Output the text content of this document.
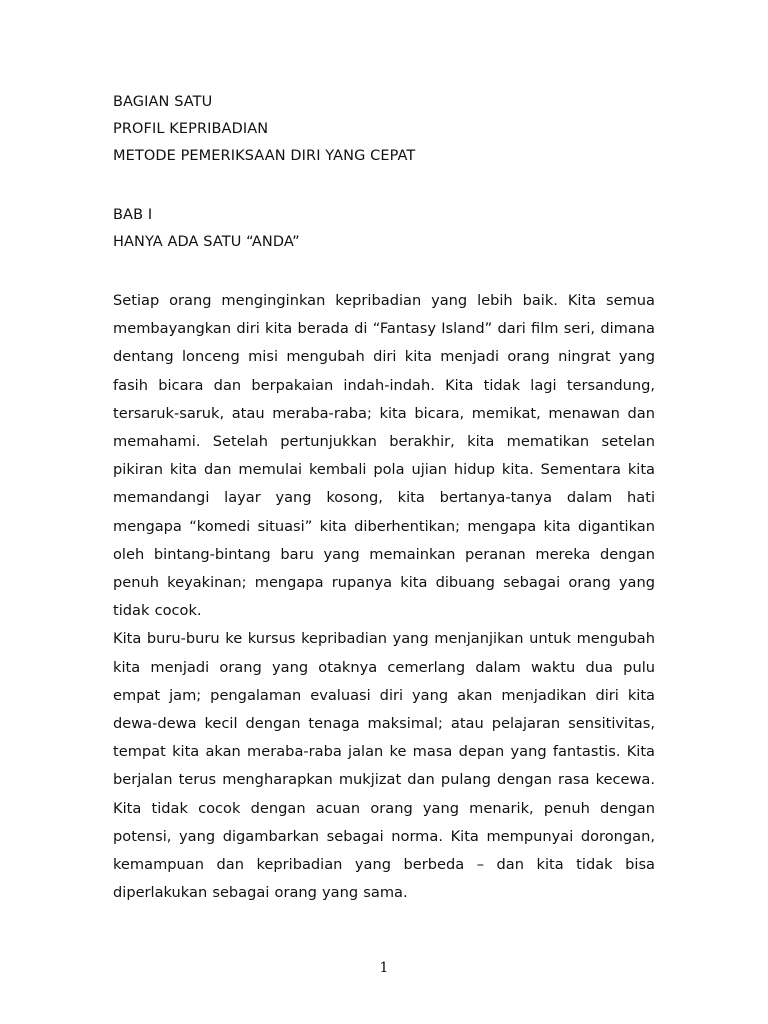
BAGIAN SATU
PROFIL KEPRIBADIAN
METODE PEMERIKSAAN DIRI YANG CEPAT
BAB I
HANYA ADA SATU “ANDA”

Setiap orang menginginkan kepribadian yang lebih baik. Kita semua membayangkan diri kita berada di “Fantasy Island” dari film seri, dimana dentang lonceng misi mengubah diri kita menjadi orang ningrat yang fasih bicara dan berpakaian indah-indah. Kita tidak lagi tersandung, tersaruk-saruk, atau meraba-raba; kita bicara, memikat, menawan dan memahami. Setelah pertunjukkan berakhir, kita mematikan setelan pikiran kita dan memulai kembali pola ujian hidup kita. Sementara kita memandangi layar yang kosong, kita bertanya-tanya dalam hati mengapa “komedi situasi” kita diberhentikan; mengapa kita digantikan oleh bintang-bintang baru yang memainkan peranan mereka dengan penuh keyakinan; mengapa rupanya kita dibuang sebagai orang yang tidak cocok.

Kita buru-buru ke kursus kepribadian yang menjanjikan untuk mengubah kita menjadi orang yang otaknya cemerlang dalam waktu dua pulu empat jam; pengalaman evaluasi diri yang akan menjadikan diri kita dewa-dewa kecil dengan tenaga maksimal; atau pelajaran sensitivitas, tempat kita akan meraba-raba jalan ke masa depan yang fantastis. Kita berjalan terus mengharapkan mukjizat dan pulang dengan rasa kecewa. Kita tidak cocok dengan acuan orang yang menarik, penuh dengan potensi, yang digambarkan sebagai norma. Kita mempunyai dorongan, kemampuan dan kepribadian yang berbeda – dan kita tidak bisa diperlakukan sebagai orang yang sama.

1
